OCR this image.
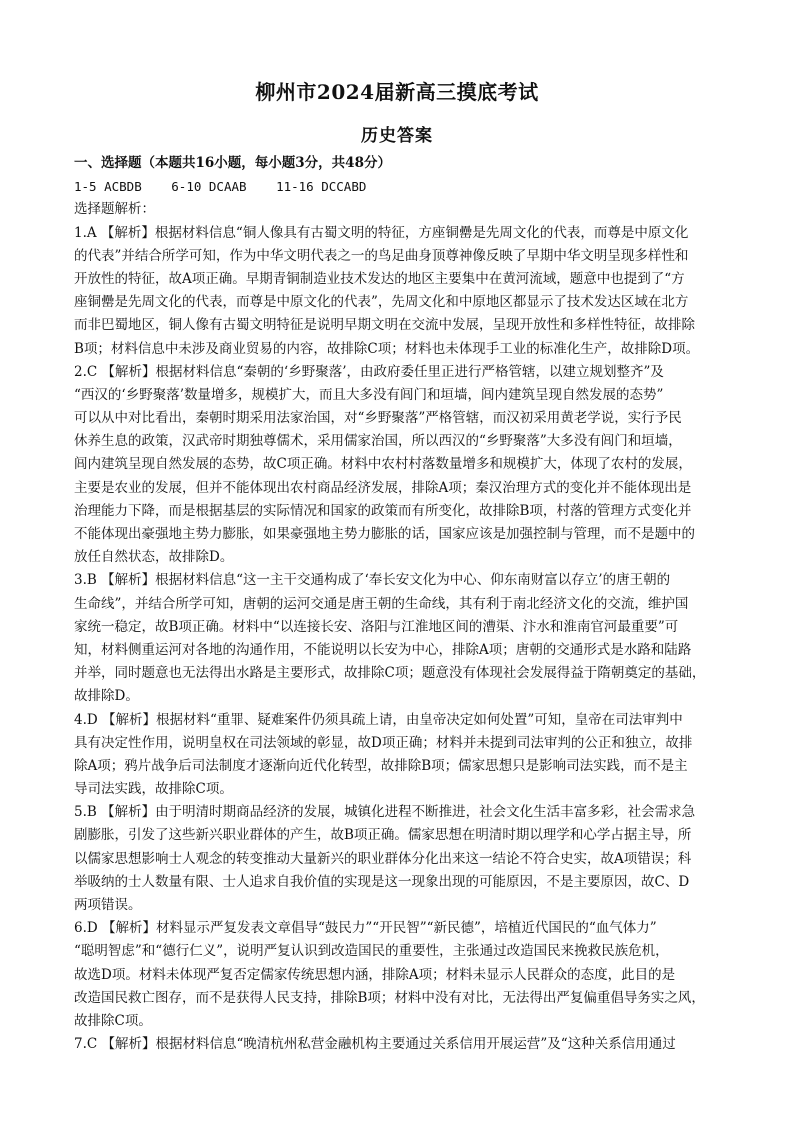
柳州市2024届新高三摸底考试
历史答案
一、选择题（本题共16小题，每小题3分，共48分）
1-5 ACBDB 6-10 DCAAB 11-16 DCCABD
选择题解析：
1.A 【解析】根据材料信息“铜人像具有古蜀文明的特征，方座铜罍是先周文化的代表，而尊是中原文化
的代表”并结合所学可知，作为中华文明代表之一的鸟足曲身顶尊神像反映了早期中华文明呈现多样性和
开放性的特征，故A项正确。早期青铜制造业技术发达的地区主要集中在黄河流域，题意中也提到了“方
座铜罍是先周文化的代表，而尊是中原文化的代表”，先周文化和中原地区都显示了技术发达区域在北方
而非巴蜀地区，铜人像有古蜀文明特征是说明早期文明在交流中发展，呈现开放性和多样性特征，故排除
B项；材料信息中未涉及商业贸易的内容，故排除C项；材料也未体现手工业的标准化生产，故排除D项。
2.C 【解析】根据材料信息“秦朝的‘乡野聚落’，由政府委任里正进行严格管辖，以建立规划整齐”及
“西汉的‘乡野聚落’数量增多，规模扩大，而且大多没有闾门和垣墙，闾内建筑呈现自然发展的态势”
可以从中对比看出，秦朝时期采用法家治国，对“乡野聚落”严格管辖，而汉初采用黄老学说，实行予民
休养生息的政策，汉武帝时期独尊儒术，采用儒家治国，所以西汉的“乡野聚落”大多没有闾门和垣墙，
闾内建筑呈现自然发展的态势，故C项正确。材料中农村村落数量增多和规模扩大，体现了农村的发展，
主要是农业的发展，但并不能体现出农村商品经济发展，排除A项；秦汉治理方式的变化并不能体现出是
治理能力下降，而是根据基层的实际情况和国家的政策而有所变化，故排除B项，村落的管理方式变化并
不能体现出豪强地主势力膨胀，如果豪强地主势力膨胀的话，国家应该是加强控制与管理，而不是题中的
放任自然状态，故排除D。
3.B 【解析】根据材料信息“这一主干交通构成了‘奉长安文化为中心、仰东南财富以存立’的唐王朝的
生命线”，并结合所学可知，唐朝的运河交通是唐王朝的生命线，其有利于南北经济文化的交流，维护国
家统一稳定，故B项正确。材料中“以连接长安、洛阳与江淮地区间的漕渠、汴水和淮南官河最重要”可
知，材料侧重运河对各地的沟通作用，不能说明以长安为中心，排除A项；唐朝的交通形式是水路和陆路
并举，同时题意也无法得出水路是主要形式，故排除C项；题意没有体现社会发展得益于隋朝奠定的基础，
故排除D。
4.D 【解析】根据材料“重罪、疑难案件仍须具疏上请，由皇帝决定如何处置”可知，皇帝在司法审判中
具有决定性作用，说明皇权在司法领域的彰显，故D项正确；材料并未提到司法审判的公正和独立，故排
除A项；鸦片战争后司法制度才逐渐向近代化转型，故排除B项；儒家思想只是影响司法实践，而不是主
导司法实践，故排除C项。
5.B 【解析】由于明清时期商品经济的发展，城镇化进程不断推进，社会文化生活丰富多彩，社会需求急
剧膨胀，引发了这些新兴职业群体的产生，故B项正确。儒家思想在明清时期以理学和心学占据主导，所
以儒家思想影响士人观念的转变推动大量新兴的职业群体分化出来这一结论不符合史实，故A项错误；科
举吸纳的士人数量有限、士人追求自我价值的实现是这一现象出现的可能原因，不是主要原因，故C、D
两项错误。
6.D 【解析】材料显示严复发表文章倡导“鼓民力”“开民智”“新民德”，培植近代国民的“血气体力”
“聪明智虑”和“德行仁义”，说明严复认识到改造国民的重要性，主张通过改造国民来挽救民族危机，
故选D项。材料未体现严复否定儒家传统思想内涵，排除A项；材料未显示人民群众的态度，此目的是
改造国民救亡图存，而不是获得人民支持，排除B项；材料中没有对比，无法得出严复偏重倡导务实之风，
故排除C项。
7.C 【解析】根据材料信息“晚清杭州私营金融机构主要通过关系信用开展运营”及“这种关系信用通过
